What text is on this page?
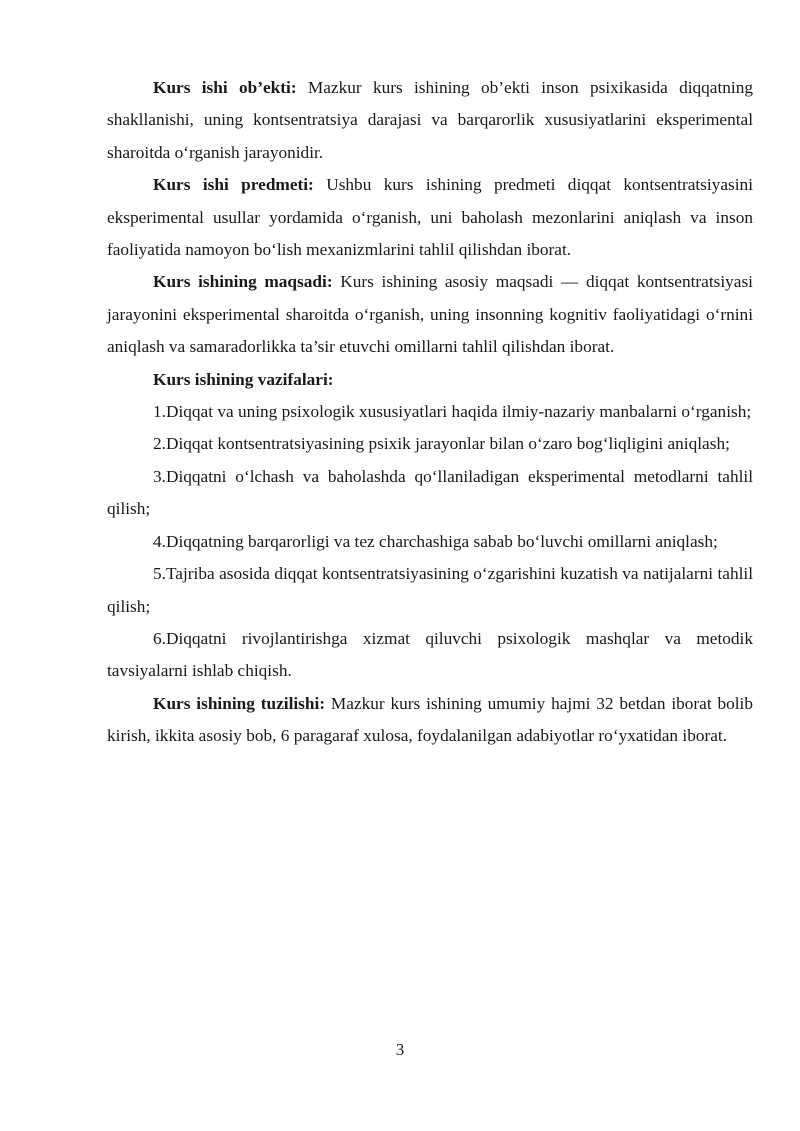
Kurs ishi ob’ekti: Mazkur kurs ishining ob’ekti inson psixikasida diqqatning shakllanishi, uning kontsentratsiya darajasi va barqarorlik xususiyatlarini eksperimental sharoitda o‘rganish jarayonidir.

Kurs ishi predmeti: Ushbu kurs ishining predmeti diqqat kontsentratsiyasini eksperimental usullar yordamida o‘rganish, uni baholash mezonlarini aniqlash va inson faoliyatida namoyon bo‘lish mexanizmlarini tahlil qilishdan iborat.

Kurs ishining maqsadi: Kurs ishining asosiy maqsadi — diqqat kontsentratsiyasi jarayonini eksperimental sharoitda o‘rganish, uning insonning kognitiv faoliyatidagi o‘rnini aniqlash va samaradorlikka ta’sir etuvchi omillarni tahlil qilishdan iborat.

Kurs ishining vazifalari:

1.Diqqat va uning psixologik xususiyatlari haqida ilmiy-nazariy manbalarni o‘rganish;

2.Diqqat kontsentratsiyasining psixik jarayonlar bilan o‘zaro bog‘liqligini aniqlash;

3.Diqqatni o‘lchash va baholashda qo‘llaniladigan eksperimental metodlarni tahlil qilish;

4.Diqqatning barqarorligi va tez charchashiga sabab bo‘luvchi omillarni aniqlash;

5.Tajriba asosida diqqat kontsentratsiyasining o‘zgarishini kuzatish va natijalarni tahlil qilish;

6.Diqqatni rivojlantirishga xizmat qiluvchi psixologik mashqlar va metodik tavsiyalarni ishlab chiqish.

Kurs ishining tuzilishi: Mazkur kurs ishining umumiy hajmi 32 betdan iborat bolib kirish, ikkita asosiy bob, 6 paragaraf xulosa, foydalanilgan adabiyotlar ro‘yxatidan iborat.

3
